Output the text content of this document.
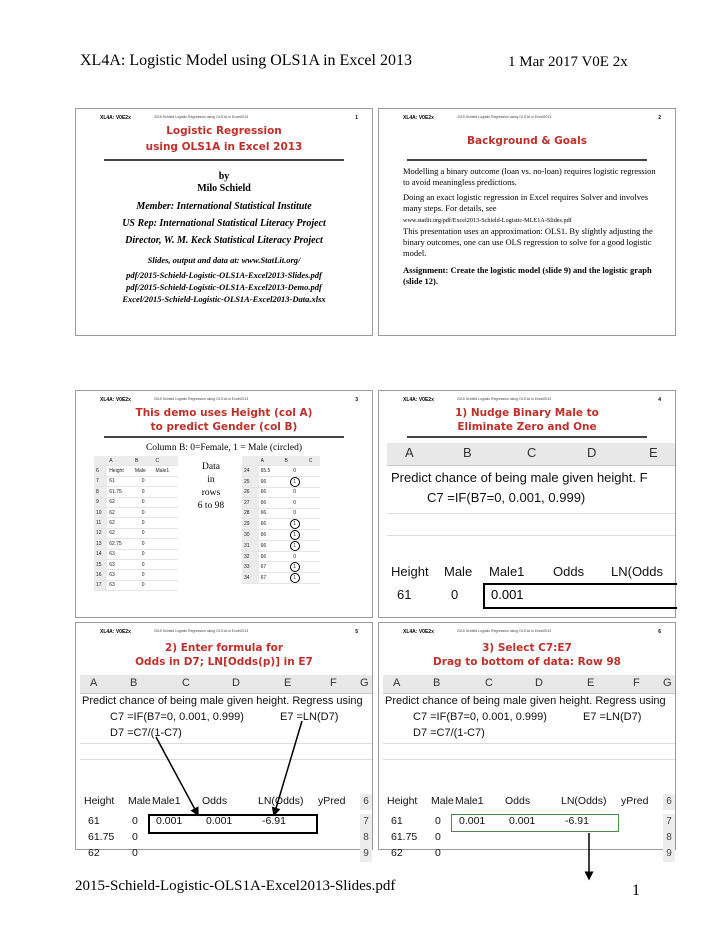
XL4A: Logistic Model using OLS1A in Excel 2013	1 Mar 2017 V0E 2x
2015-Schield-Logistic-OLS1A-Excel2013-Slides.pdf	1
XL4A: V0E2x	2015 Schield Logistic Regression using OLS1A in Excel2013	1
Logistic Regression
using OLS1A in Excel 2013
by
Milo Schield
Member: International Statistical Institute
US Rep: International Statistical Literacy Project
Director, W. M. Keck Statistical Literacy Project
Slides, output and data at: www.StatLit.org/
pdf/2015-Schield-Logistic-OLS1A-Excel2013-Slides.pdf
pdf/2015-Schield-Logistic-OLS1A-Excel2013-Demo.pdf
Excel/2015-Schield-Logistic-OLS1A-Excel2013-Data.xlsx
XL4A: V0E2x	2015 Schield Logistic Regression using OLS1A in Excel2013	2
Background & Goals
Modelling a binary outcome (loan vs. no-loan) requires logistic regression to avoid meaningless predictions.
Doing an exact logistic regression in Excel requires Solver and involves many steps. For details, see
www.statlit.org/pdf/Excel2013-Schield-Logistic-MLE1A-Slides.pdf
This presentation uses an approximation: OLS1. By slightly adjusting the binary outcomes, one can use OLS regression to solve for a good logistic model.
Assignment: Create the logistic model (slide 9) and the logistic graph (slide 12).
XL4A: V0E2x	2015 Schield Logistic Regression using OLS1A in Excel2013	3
This demo uses Height (col A)
to predict Gender (col B)
Column B: 0=Female, 1 = Male (circled)
	A	B	C
6	Height	Male	Male1
7	61	0	
8	61.75	0	
9	62	0	
10	62	0	
11	62	0	
12	62	0	
13	62.75	0	
14	63	0	
15	63	0	
16	63	0	
17	63	0	
Data
in
rows
6 to 98
	A	B	C
24	65.5	0	
25	66	1	
26	66	0	
27	66	0	
28	66	0	
29	66	1	
30	66	1	
31	66	1	
32	66	0	
33	67	1	
34	67	1	
XL4A: V0E2x	2015 Schield Logistic Regression using OLS1A in Excel2013	4
1) Nudge Binary Male to
Eliminate Zero and One
A	B	C	D	E
Predict chance of being male given height. F
C7 =IF(B7=0, 0.001, 0.999)
Height Male Male1 Odds LN(Odds
61	0	0.001
XL4A: V0E2x	2015 Schield Logistic Regression using OLS1A in Excel2013	5
2) Enter formula for
Odds in D7; LN[Odds(p)] in E7
A	B	C	D	E	F G
Predict chance of being male given height. Regress using
C7 =IF(B7=0, 0.001, 0.999)	E7 =LN(D7)
D7 =C7/(1-C7)
Height Male Male1 Odds	LN(Odds) yPred	6
61	0 0.001 0.001	-6.91	7
61.75 0	8
62	0	9
XL4A: V0E2x	2015 Schield Logistic Regression using OLS1A in Excel2013	6
3) Select C7:E7
Drag to bottom of data: Row 98
A	B	C	D	E	F G
Predict chance of being male given height. Regress using
C7 =IF(B7=0, 0.001, 0.999)	E7 =LN(D7)
D7 =C7/(1-C7)
Height Male Male1 Odds	LN(Odds) yPred	6
61	0 0.001 0.001	-6.91	7
61.75 0	8
62	0	9
